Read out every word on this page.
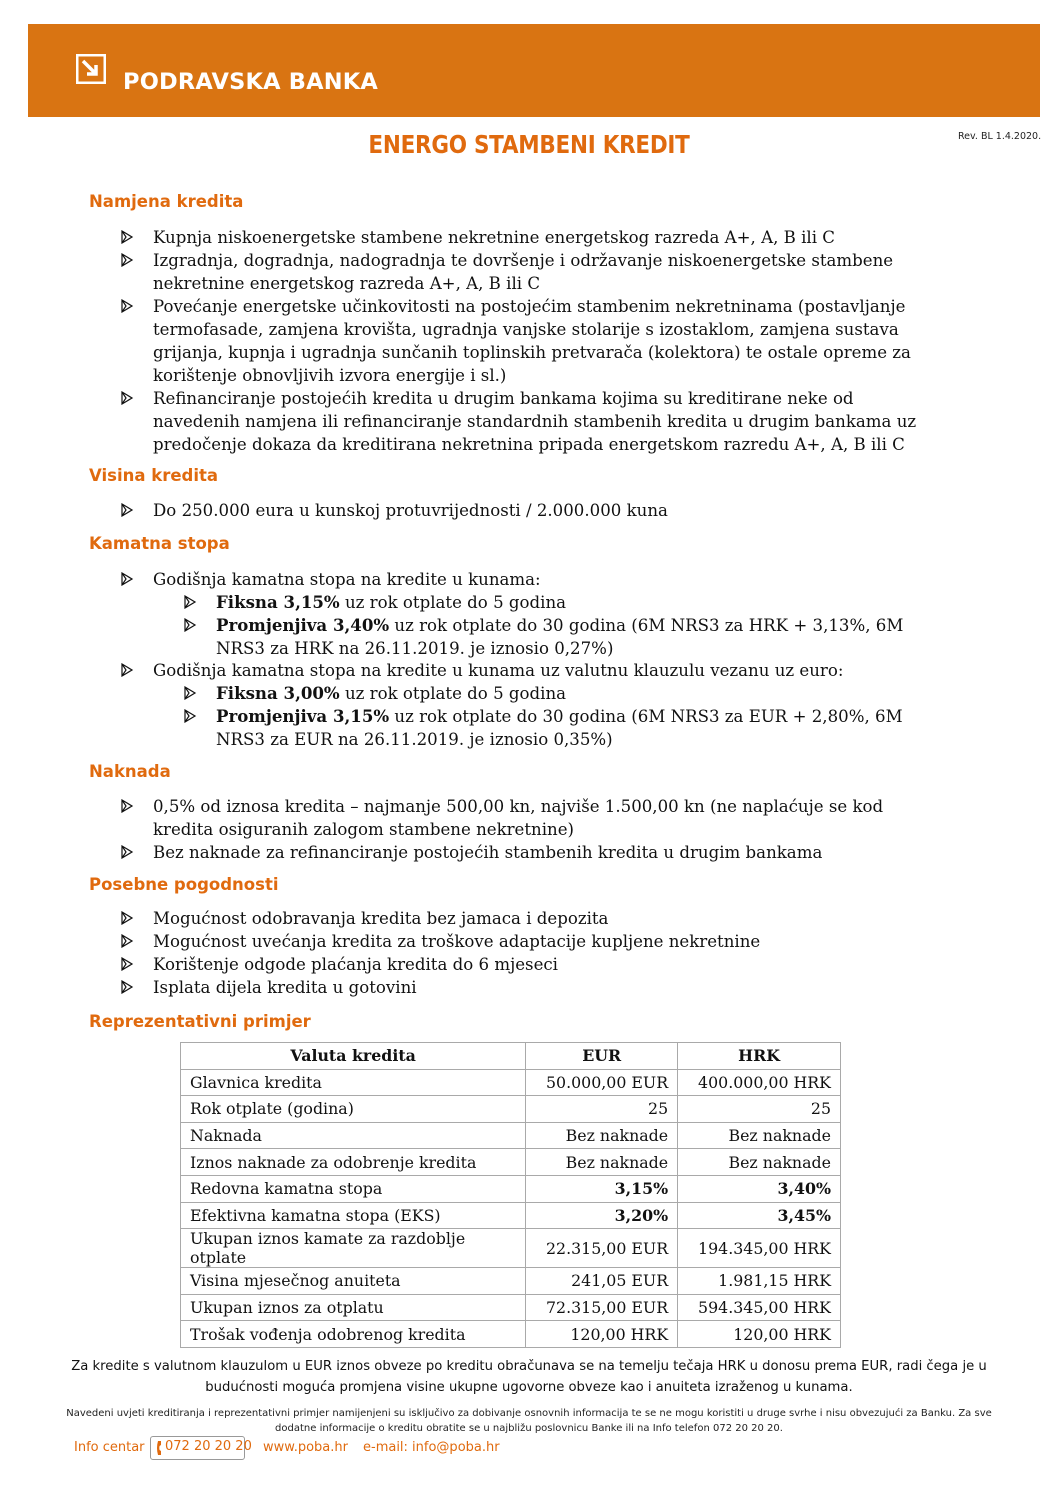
PODRAVSKA BANKA
Rev. BL 1.4.2020.
ENERGO STAMBENI KREDIT
Namjena kredita
Kupnja niskoenergetske stambene nekretnine energetskog razreda A+, A, B ili C
Izgradnja, dogradnja, nadogradnja te dovršenje i održavanje niskoenergetske stambene nekretnine energetskog razreda A+, A, B ili C
Povećanje energetske učinkovitosti na postojećim stambenim nekretninama (postavljanje termofasade, zamjena krovišta, ugradnja vanjske stolarije s izostaklom, zamjena sustava grijanja, kupnja i ugradnja sunčanih toplinskih pretvarača (kolektora) te ostale opreme za korištenje obnovljivih izvora energije i sl.)
Refinanciranje postojećih kredita u drugim bankama kojima su kreditirane neke od navedenih namjena ili refinanciranje standardnih stambenih kredita u drugim bankama uz predočenje dokaza da kreditirana nekretnina pripada energetskom razredu A+, A, B ili C
Visina kredita
Do 250.000 eura u kunskoj protuvrijednosti / 2.000.000 kuna
Kamatna stopa
Godišnja kamatna stopa na kredite u kunama:
Fiksna 3,15% uz rok otplate do 5 godina
Promjenjiva 3,40% uz rok otplate do 30 godina (6M NRS3 za HRK + 3,13%, 6M NRS3 za HRK na 26.11.2019. je iznosio 0,27%)
Godišnja kamatna stopa na kredite u kunama uz valutnu klauzulu vezanu uz euro:
Fiksna 3,00% uz rok otplate do 5 godina
Promjenjiva 3,15% uz rok otplate do 30 godina (6M NRS3 za EUR + 2,80%, 6M NRS3 za EUR na 26.11.2019. je iznosio 0,35%)
Naknada
0,5% od iznosa kredita – najmanje 500,00 kn, najviše 1.500,00 kn (ne naplaćuje se kod kredita osiguranih zalogom stambene nekretnine)
Bez naknade za refinanciranje postojećih stambenih kredita u drugim bankama
Posebne pogodnosti
Mogućnost odobravanja kredita bez jamaca i depozita
Mogućnost uvećanja kredita za troškove adaptacije kupljene nekretnine
Korištenje odgode plaćanja kredita do 6 mjeseci
Isplata dijela kredita u gotovini
Reprezentativni primjer
Valuta kredita	EUR	HRK
Glavnica kredita	50.000,00 EUR	400.000,00 HRK
Rok otplate (godina)	25	25
Naknada	Bez naknade	Bez naknade
Iznos naknade za odobrenje kredita	Bez naknade	Bez naknade
Redovna kamatna stopa	3,15%	3,40%
Efektivna kamatna stopa (EKS)	3,20%	3,45%
Ukupan iznos kamate za razdoblje otplate	22.315,00 EUR	194.345,00 HRK
Visina mjesečnog anuiteta	241,05 EUR	1.981,15 HRK
Ukupan iznos za otplatu	72.315,00 EUR	594.345,00 HRK
Trošak vođenja odobrenog kredita	120,00 HRK	120,00 HRK
Za kredite s valutnom klauzulom u EUR iznos obveze po kreditu obračunava se na temelju tečaja HRK u donosu prema EUR, radi čega je u budućnosti moguća promjena visine ukupne ugovorne obveze kao i anuiteta izraženog u kunama.
Navedeni uvjeti kreditiranja i reprezentativni primjer namijenjeni su isključivo za dobivanje osnovnih informacija te se ne mogu koristiti u druge svrhe i nisu obvezujući za Banku. Za sve dodatne informacije o kreditu obratite se u najbližu poslovnicu Banke ili na Info telefon 072 20 20 20.
Info centar 072 20 20 20 www.poba.hr e-mail: info@poba.hr
